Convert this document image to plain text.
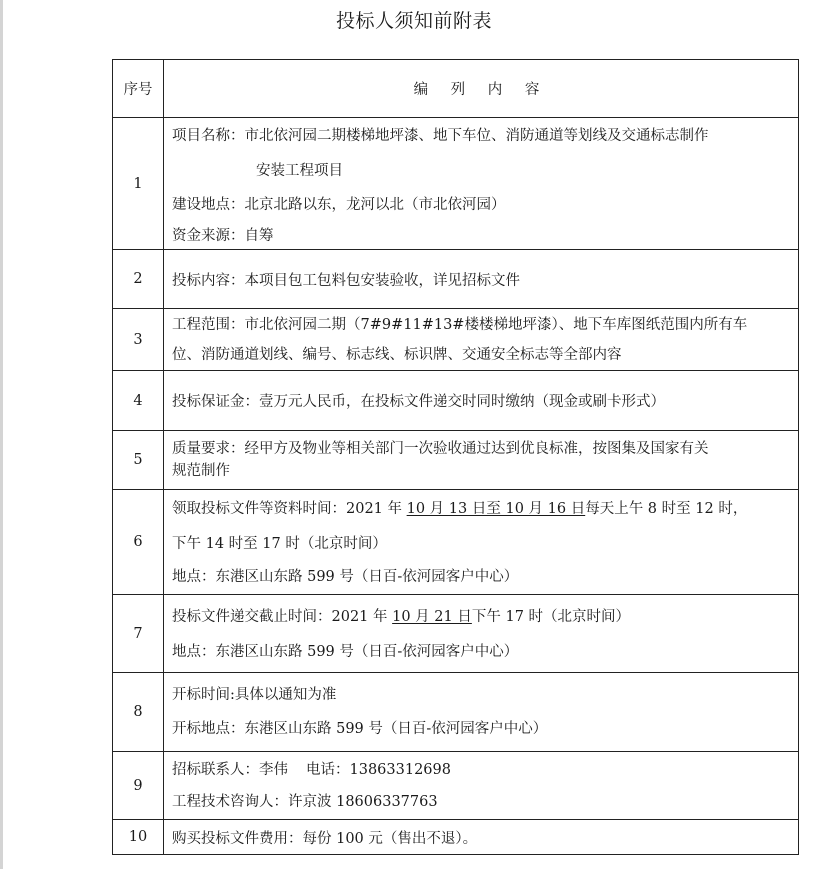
投标人须知前附表
序号	编 列 内 容
1	项目名称：市北依河园二期楼梯地坪漆、地下车位、消防通道等划线及交通标志制作
安装工程项目
建设地点：北京北路以东，龙河以北（市北依河园）
资金来源：自筹

2	投标内容：本项目包工包料包安装验收，详见招标文件

3	工程范围：市北依河园二期（7#9#11#13#楼楼梯地坪漆）、地下车库图纸范围内所有车
位、消防通道划线、编号、标志线、标识牌、交通安全标志等全部内容

4	投标保证金：壹万元人民币，在投标文件递交时同时缴纳（现金或刷卡形式）

5	质量要求：经甲方及物业等相关部门一次验收通过达到优良标准，按图集及国家有关
规范制作

6	领取投标文件等资料时间：2021 年 10 月 13 日至 10 月 16 日每天上午 8 时至 12 时，
下午 14 时至 17 时（北京时间）
地点：东港区山东路 599 号（日百-依河园客户中心）

7	投标文件递交截止时间：2021 年 10 月 21 日下午 17 时（北京时间）
地点：东港区山东路 599 号（日百-依河园客户中心）

8	开标时间:具体以通知为准
开标地点：东港区山东路 599 号（日百-依河园客户中心）

9	招标联系人：李伟 电话：13863312698
工程技术咨询人：许京波 18606337763

10	购买投标文件费用：每份 100 元（售出不退）。
